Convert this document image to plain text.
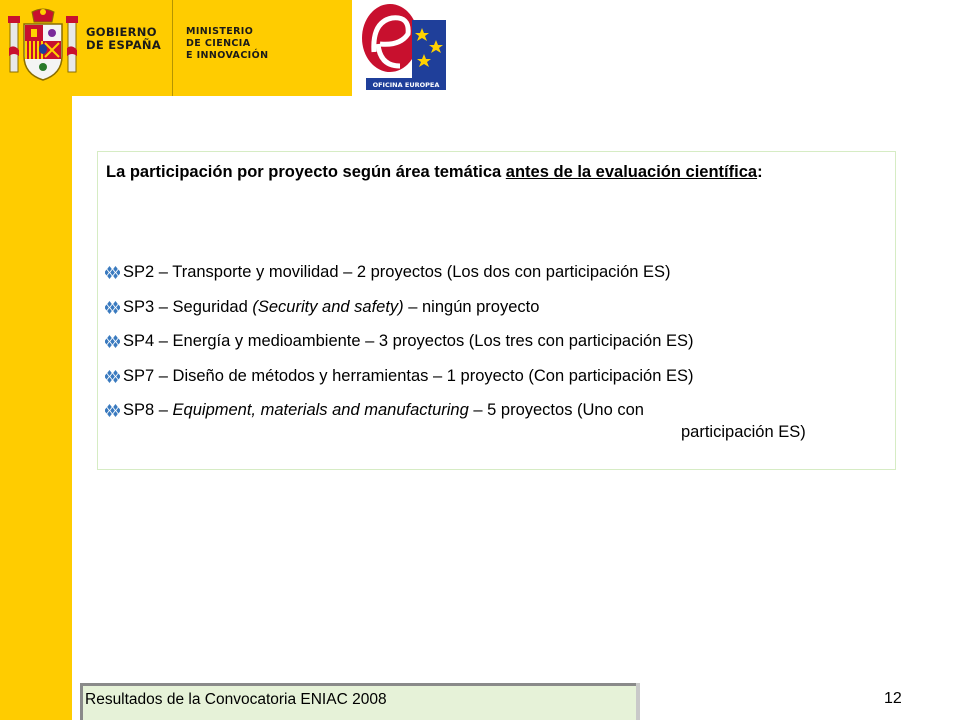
GOBIERNO
DE ESPAÑA
MINISTERIO
DE CIENCIA
E INNOVACIÓN
OFICINA EUROPEA
La participación por proyecto según área temática antes de la evaluación científica:
SP2 – Transporte y movilidad – 2 proyectos (Los dos con participación ES)
SP3 – Seguridad (Security and safety) – ningún proyecto
SP4 – Energía y medioambiente – 3 proyectos (Los tres con participación ES)
SP7 – Diseño de métodos y herramientas – 1 proyecto (Con participación ES)
SP8 – Equipment, materials and manufacturing – 5 proyectos (Uno con
participación ES)
Resultados de la Convocatoria ENIAC 2008	12
